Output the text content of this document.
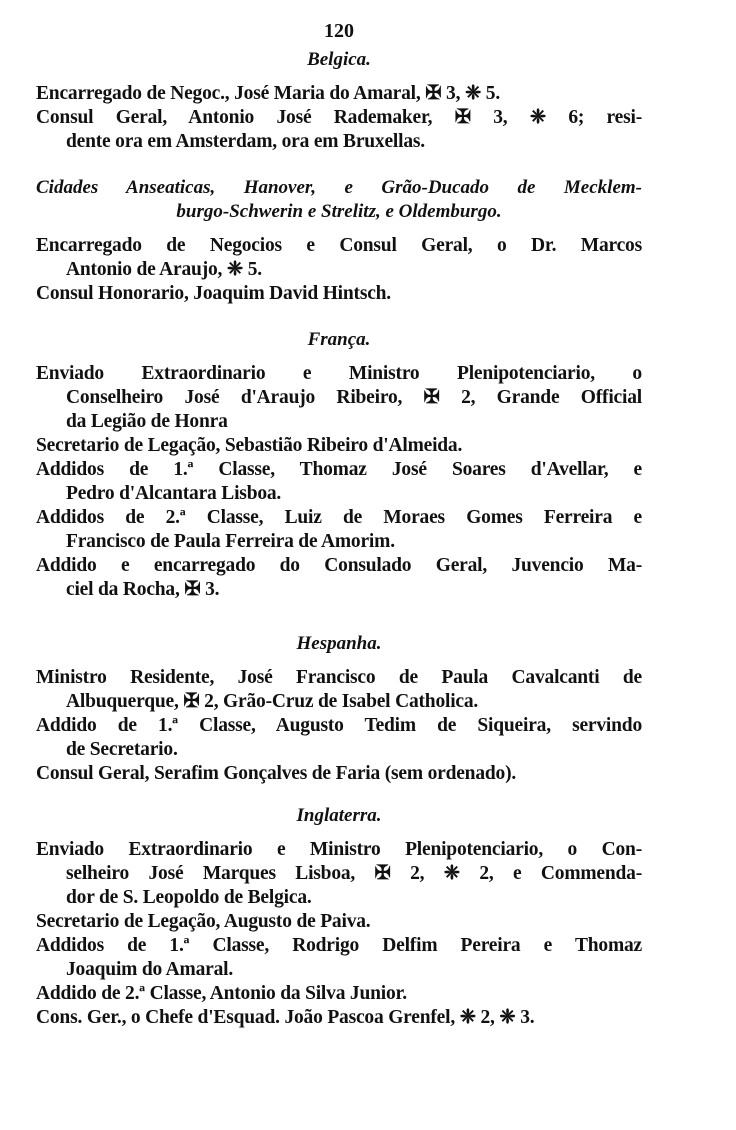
120
Belgica.
Encarregado de Negoc., José Maria do Amaral, ✠ 3, ❈ 5.
Consul Geral, Antonio José Rademaker, ✠ 3, ❈ 6; resi-
dente ora em Amsterdam, ora em Bruxellas.
Cidades Anseaticas, Hanover, e Grão-Ducado de Mecklem-
burgo-Schwerin e Strelitz, e Oldemburgo.
Encarregado de Negocios e Consul Geral, o Dr. Marcos
Antonio de Araujo, ❈ 5.
Consul Honorario, Joaquim David Hintsch.
França.
Enviado Extraordinario e Ministro Plenipotenciario, o
Conselheiro José d'Araujo Ribeiro, ✠ 2, Grande Official
da Legião de Honra
Secretario de Legação, Sebastião Ribeiro d'Almeida.
Addidos de 1.ª Classe, Thomaz José Soares d'Avellar, e
Pedro d'Alcantara Lisboa.
Addidos de 2.ª Classe, Luiz de Moraes Gomes Ferreira e
Francisco de Paula Ferreira de Amorim.
Addido e encarregado do Consulado Geral, Juvencio Ma-
ciel da Rocha, ✠ 3.
Hespanha.
Ministro Residente, José Francisco de Paula Cavalcanti de
Albuquerque, ✠ 2, Grão-Cruz de Isabel Catholica.
Addido de 1.ª Classe, Augusto Tedim de Siqueira, servindo
de Secretario.
Consul Geral, Serafim Gonçalves de Faria (sem ordenado).
Inglaterra.
Enviado Extraordinario e Ministro Plenipotenciario, o Con-
selheiro José Marques Lisboa, ✠ 2, ❈ 2, e Commenda-
dor de S. Leopoldo de Belgica.
Secretario de Legação, Augusto de Paiva.
Addidos de 1.ª Classe, Rodrigo Delfim Pereira e Thomaz
Joaquim do Amaral.
Addido de 2.ª Classe, Antonio da Silva Junior.
Cons. Ger., o Chefe d'Esquad. João Pascoa Grenfel, ❈ 2, ❈ 3.
